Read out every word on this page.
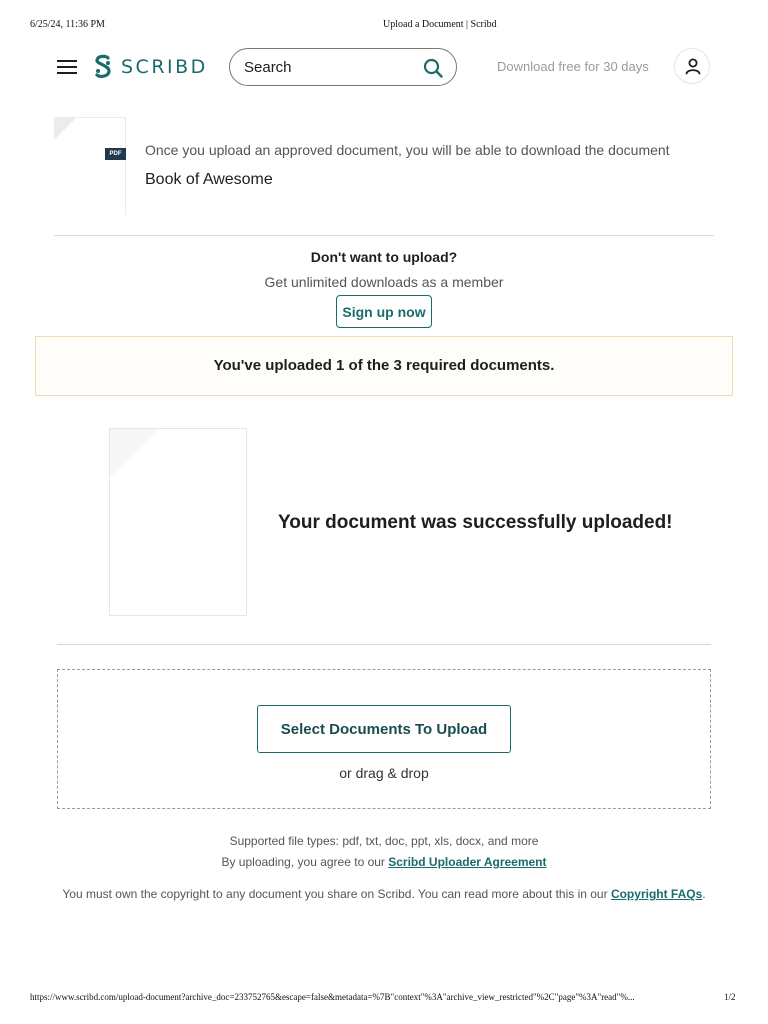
6/25/24, 11:36 PM	Upload a Document | Scribd
SCRIBD
Search	Download free for 30 days
PDF	Once you upload an approved document, you will be able to download the document
Book of Awesome
Don't want to upload?
Get unlimited downloads as a member
Sign up now
You've uploaded 1 of the 3 required documents.
Your document was successfully uploaded!
Select Documents To Upload
or drag & drop
Supported file types: pdf, txt, doc, ppt, xls, docx, and more
By uploading, you agree to our Scribd Uploader Agreement
You must own the copyright to any document you share on Scribd. You can read more about this in our Copyright FAQs.
https://www.scribd.com/upload-document?archive_doc=233752765&escape=false&metadata=%7B"context"%3A"archive_view_restricted"%2C"page"%3A"read"%...	1/2
